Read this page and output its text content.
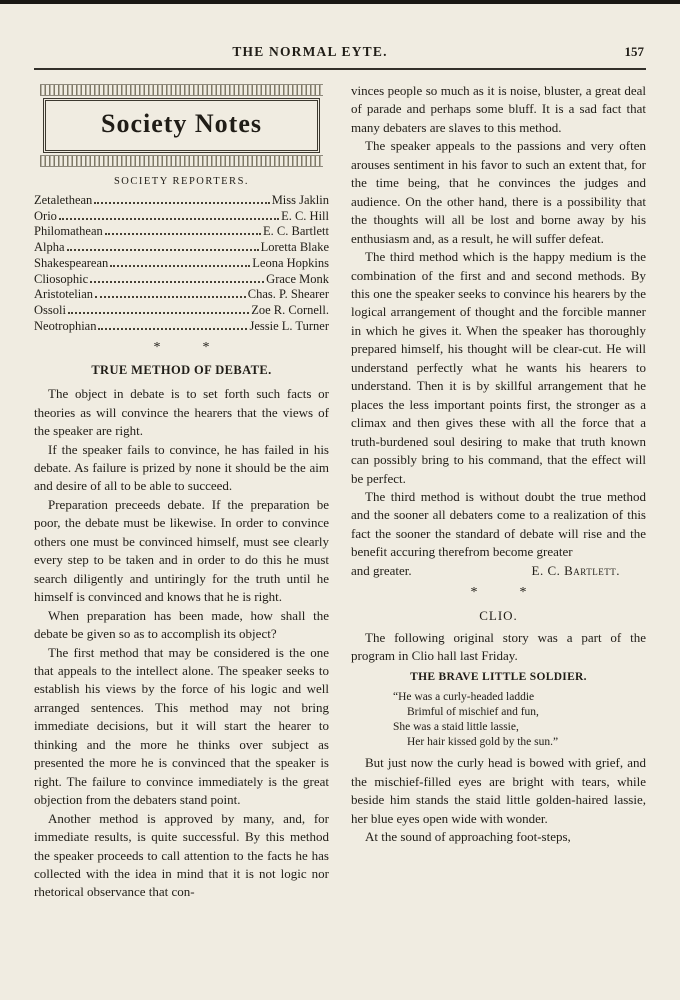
THE NORMAL EYTE.	157
Society Notes
SOCIETY REPORTERS.
Zetalethean	Miss Jaklin
Orio	E. C. Hill
Philomathean	E. C. Bartlett
Alpha	Loretta Blake
Shakespearean	Leona Hopkins
Cliosophic	Grace Monk
Aristotelian	Chas. P. Shearer
Ossoli	Zoe R. Cornell.
Neotrophian	Jessie L. Turner
*            *
TRUE METHOD OF DEBATE.

The object in debate is to set forth such facts or theories as will convince the hearers that the views of the speaker are right.

If the speaker fails to convince, he has failed in his debate. As failure is prized by none it should be the aim and desire of all to be able to succeed.

Preparation preceeds debate. If the preparation be poor, the debate must be likewise. In order to convince others one must be convinced himself, must see clearly every step to be taken and in order to do this he must search diligently and untiringly for the truth until he himself is convinced and knows that he is right.

When preparation has been made, how shall the debate be given so as to accomplish its object?

The first method that may be considered is the one that appeals to the intellect alone. The speaker seeks to establish his views by the force of his logic and well arranged sentences. This method may not bring immediate decisions, but it will start the hearer to thinking and the more he thinks over subject as presented the more he is convinced that the speaker is right. The failure to convince immediately is the great objection from the debaters stand point.

Another method is approved by many, and, for immediate results, is quite successful. By this method the speaker proceeds to call attention to the facts he has collected with the idea in mind that it is not logic nor rhetorical observance that con-

vinces people so much as it is noise, bluster, a great deal of parade and perhaps some bluff. It is a sad fact that many debaters are slaves to this method.

The speaker appeals to the passions and very often arouses sentiment in his favor to such an extent that, for the time being, that he convinces the judges and audience. On the other hand, there is a possibility that the thoughts will all be lost and borne away by his enthusiasm and, as a result, he will suffer defeat.

The third method which is the happy medium is the combination of the first and and second methods. By this one the speaker seeks to convince his hearers by the logical arrangement of thought and the forcible manner in which he gives it. When the speaker has thoroughly prepared himself, his thought will be clear-cut. He will understand perfectly what he wants his hearers to understand. Then it is by skillful arrangement that he places the less important points first, the stronger as a climax and then gives these with all the force that a truth-burdened soul desiring to make that truth known can possibly bring to his command, that the effect will be perfect.

The third method is without doubt the true method and the sooner all debaters come to a realization of this fact the sooner the standard of debate will rise and the benefit accuring therefrom become greater

and greater.	E. C. Bartlett.
*            *
CLIO.

The following original story was a part of the program in Clio hall last Friday.

THE BRAVE LITTLE SOLDIER.
“He was a curly-headed laddie
Brimful of mischief and fun,
She was a staid little lassie,
Her hair kissed gold by the sun.”

But just now the curly head is bowed with grief, and the mischief-filled eyes are bright with tears, while beside him stands the staid little golden-haired lassie, her blue eyes open wide with wonder.

At the sound of approaching foot-steps,
